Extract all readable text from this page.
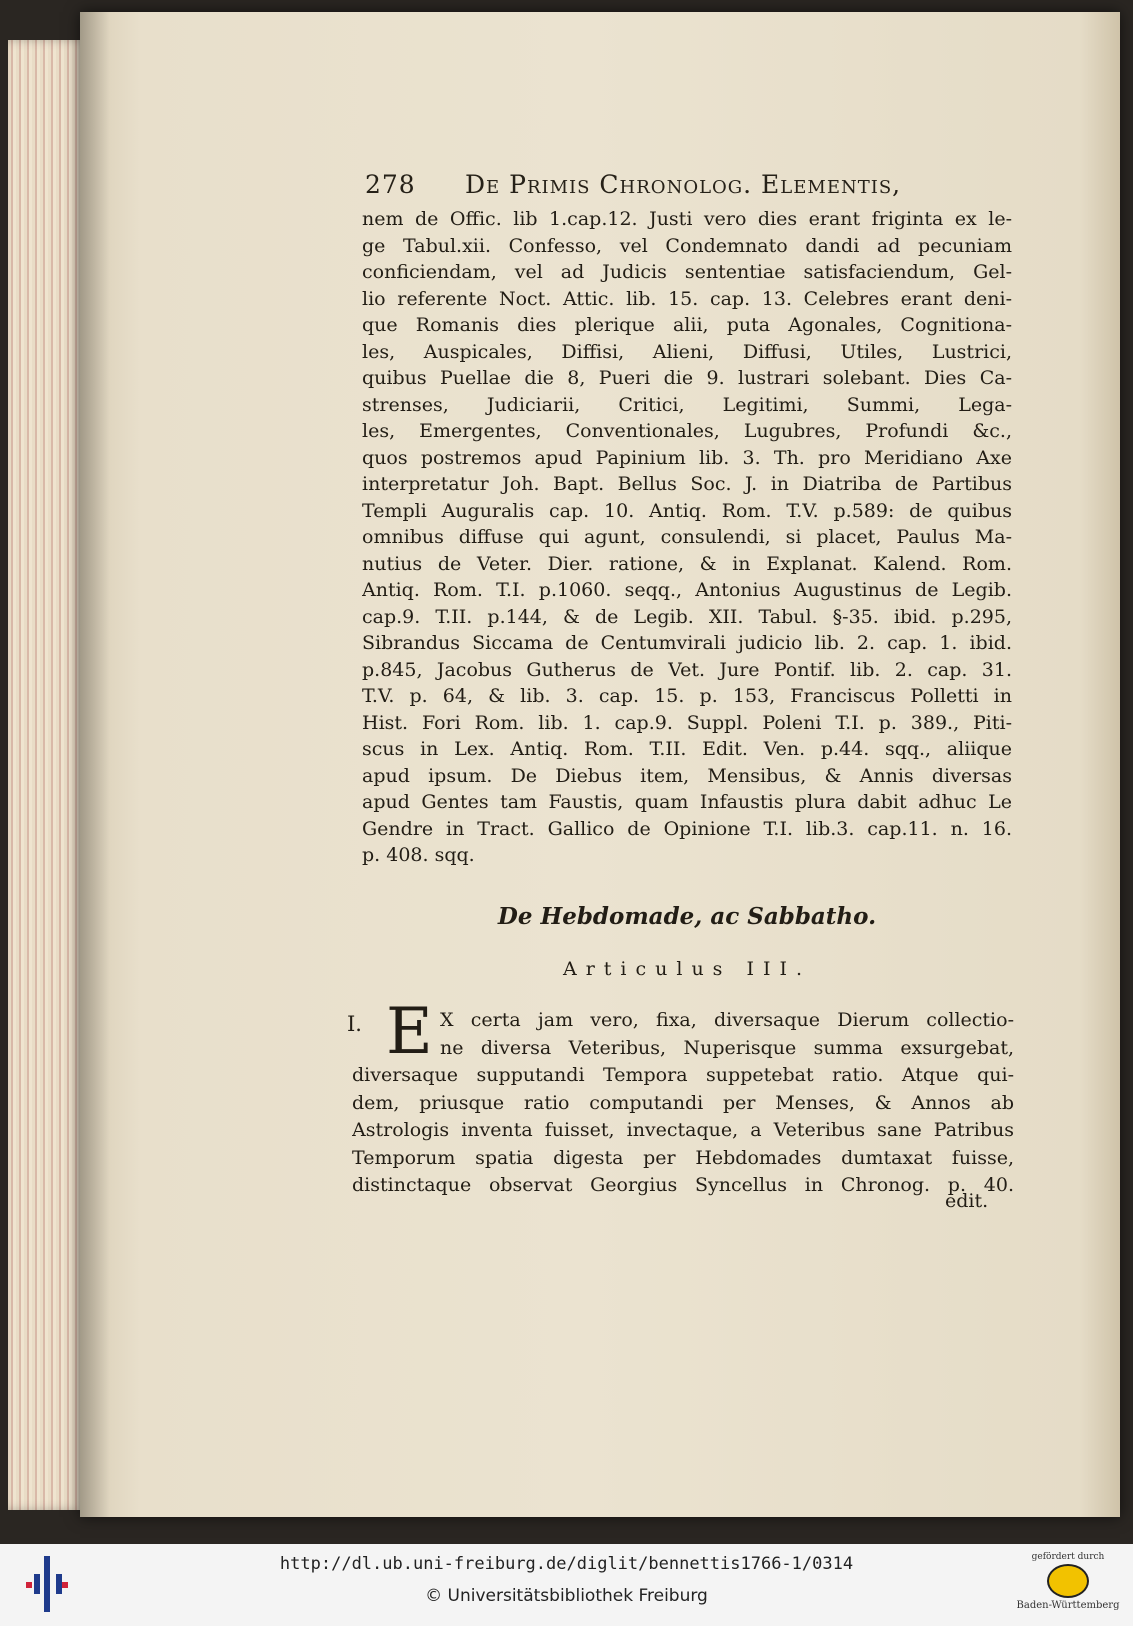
278 De Primis Chronolog. Elementis,
nem de Offic. lib 1.cap.12. Justi vero dies erant friginta ex le-
ge Tabul.xii. Confesso, vel Condemnato dandi ad pecuniam
conficiendam, vel ad Judicis sententiae satisfaciendum, Gel-
lio referente Noct. Attic. lib. 15. cap. 13. Celebres erant deni-
que Romanis dies plerique alii, puta Agonales, Cognitiona-
les, Auspicales, Diffisi, Alieni, Diffusi, Utiles, Lustrici,
quibus Puellae die 8, Pueri die 9. lustrari solebant. Dies Ca-
strenses, Judiciarii, Critici, Legitimi, Summi, Lega-
les, Emergentes, Conventionales, Lugubres, Profundi &c.,
quos postremos apud Papinium lib. 3. Th. pro Meridiano Axe
interpretatur Joh. Bapt. Bellus Soc. J. in Diatriba de Partibus
Templi Auguralis cap. 10. Antiq. Rom. T.V. p.589: de quibus
omnibus diffuse qui agunt, consulendi, si placet, Paulus Ma-
nutius de Veter. Dier. ratione, & in Explanat. Kalend. Rom.
Antiq. Rom. T.I. p.1060. seqq., Antonius Augustinus de Legib.
cap.9. T.II. p.144, & de Legib. XII. Tabul. §-35. ibid. p.295,
Sibrandus Siccama de Centumvirali judicio lib. 2. cap. 1. ibid.
p.845, Jacobus Gutherus de Vet. Jure Pontif. lib. 2. cap. 31.
T.V. p. 64, & lib. 3. cap. 15. p. 153, Franciscus Polletti in
Hist. Fori Rom. lib. 1. cap.9. Suppl. Poleni T.I. p. 389., Piti-
scus in Lex. Antiq. Rom. T.II. Edit. Ven. p.44. sqq., aliique
apud ipsum. De Diebus item, Mensibus, & Annis diversas
apud Gentes tam Faustis, quam Infaustis plura dabit adhuc Le
Gendre in Tract. Gallico de Opinione T.I. lib.3. cap.11. n. 16.
p. 408. sqq.
De Hebdomade, ac Sabbatho.
Articulus III.
I. E X certa jam vero, fixa, diversaque Dierum collectio-
ne diversa Veteribus, Nuperisque summa exsurgebat,
diversaque supputandi Tempora suppetebat ratio. Atque qui-
dem, priusque ratio computandi per Menses, & Annos ab
Astrologis inventa fuisset, invectaque, a Veteribus sane Patribus
Temporum spatia digesta per Hebdomades dumtaxat fuisse,
distinctaque observat Georgius Syncellus in Chronog. p. 40.
edit.
http://dl.ub.uni-freiburg.de/diglit/bennettis1766-1/0314
© Universitätsbibliothek Freiburg
gefördert durch
Baden-Württemberg
